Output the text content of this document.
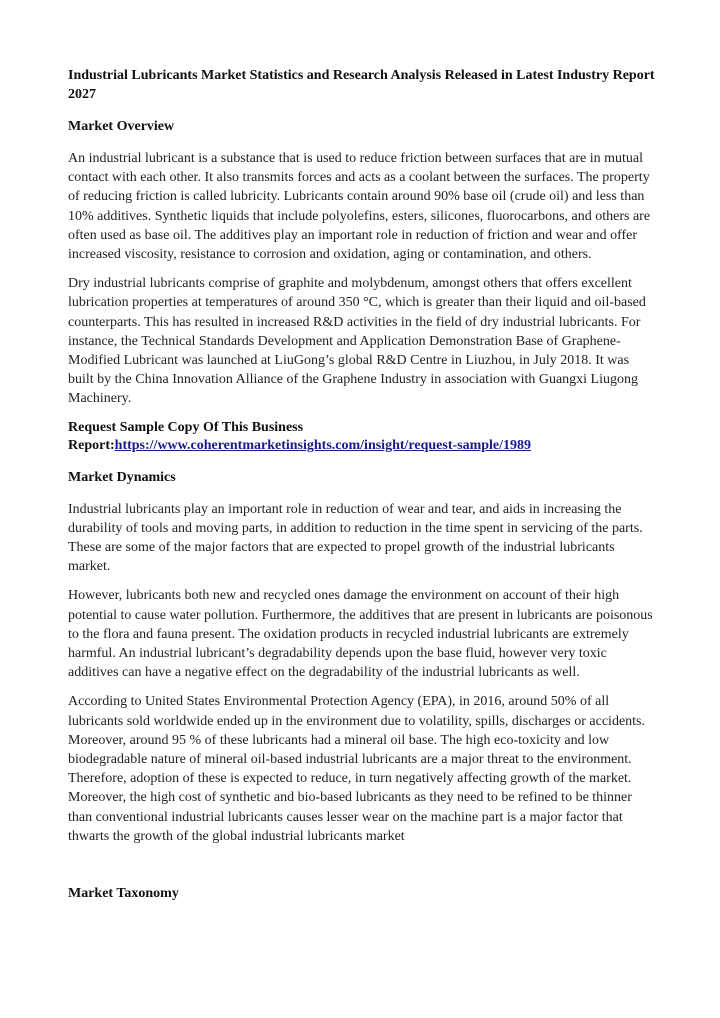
Industrial Lubricants Market Statistics and Research Analysis Released in Latest Industry Report 2027
Market Overview

An industrial lubricant is a substance that is used to reduce friction between surfaces that are in mutual contact with each other. It also transmits forces and acts as a coolant between the surfaces. The property of reducing friction is called lubricity. Lubricants contain around 90% base oil (crude oil) and less than 10% additives. Synthetic liquids that include polyolefins, esters, silicones, fluorocarbons, and others are often used as base oil. The additives play an important role in reduction of friction and wear and offer increased viscosity, resistance to corrosion and oxidation, aging or contamination, and others.

Dry industrial lubricants comprise of graphite and molybdenum, amongst others that offers excellent lubrication properties at temperatures of around 350 °C, which is greater than their liquid and oil-based counterparts. This has resulted in increased R&D activities in the field of dry industrial lubricants. For instance, the Technical Standards Development and Application Demonstration Base of Graphene-Modified Lubricant was launched at LiuGong’s global R&D Centre in Liuzhou, in July 2018. It was built by the China Innovation Alliance of the Graphene Industry in association with Guangxi Liugong Machinery.

Request Sample Copy Of This Business
Report:https://www.coherentmarketinsights.com/insight/request-sample/1989
Market Dynamics

Industrial lubricants play an important role in reduction of wear and tear, and aids in increasing the durability of tools and moving parts, in addition to reduction in the time spent in servicing of the parts. These are some of the major factors that are expected to propel growth of the industrial lubricants market.

However, lubricants both new and recycled ones damage the environment on account of their high potential to cause water pollution. Furthermore, the additives that are present in lubricants are poisonous to the flora and fauna present. The oxidation products in recycled industrial lubricants are extremely harmful. An industrial lubricant’s degradability depends upon the base fluid, however very toxic additives can have a negative effect on the degradability of the industrial lubricants as well.

According to United States Environmental Protection Agency (EPA), in 2016, around 50% of all lubricants sold worldwide ended up in the environment due to volatility, spills, discharges or accidents. Moreover, around 95 % of these lubricants had a mineral oil base. The high eco-toxicity and low biodegradable nature of mineral oil-based industrial lubricants are a major threat to the environment. Therefore, adoption of these is expected to reduce, in turn negatively affecting growth of the market. Moreover, the high cost of synthetic and bio-based lubricants as they need to be refined to be thinner than conventional industrial lubricants causes lesser wear on the machine part is a major factor that thwarts the growth of the global industrial lubricants market

Market Taxonomy
